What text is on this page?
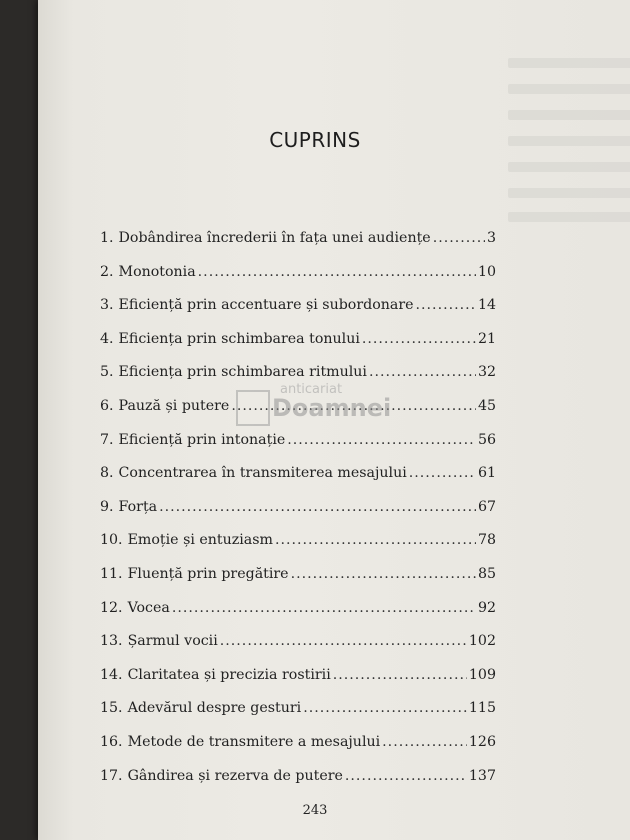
CUPRINS
1. Dobândirea încrederii în fața unei audiențe .....	3
2. Monotonia .....	10
3. Eficiență prin accentuare și subordonare .....	14
4. Eficiența prin schimbarea tonului .....	21
5. Eficiența prin schimbarea ritmului .....	32
6. Pauză și putere .....	45
7. Eficiență prin intonație .....	56
8. Concentrarea în transmiterea mesajului .....	61
9. Forța .....	67
10. Emoție și entuziasm .....	78
11. Fluență prin pregătire .....	85
12. Vocea .....	92
13. Șarmul vocii .....	102
14. Claritatea și precizia rostirii .....	109
15. Adevărul despre gesturi .....	115
16. Metode de transmitere a mesajului .....	126
17. Gândirea și rezerva de putere .....	137
anticariat
Doamnei
243
